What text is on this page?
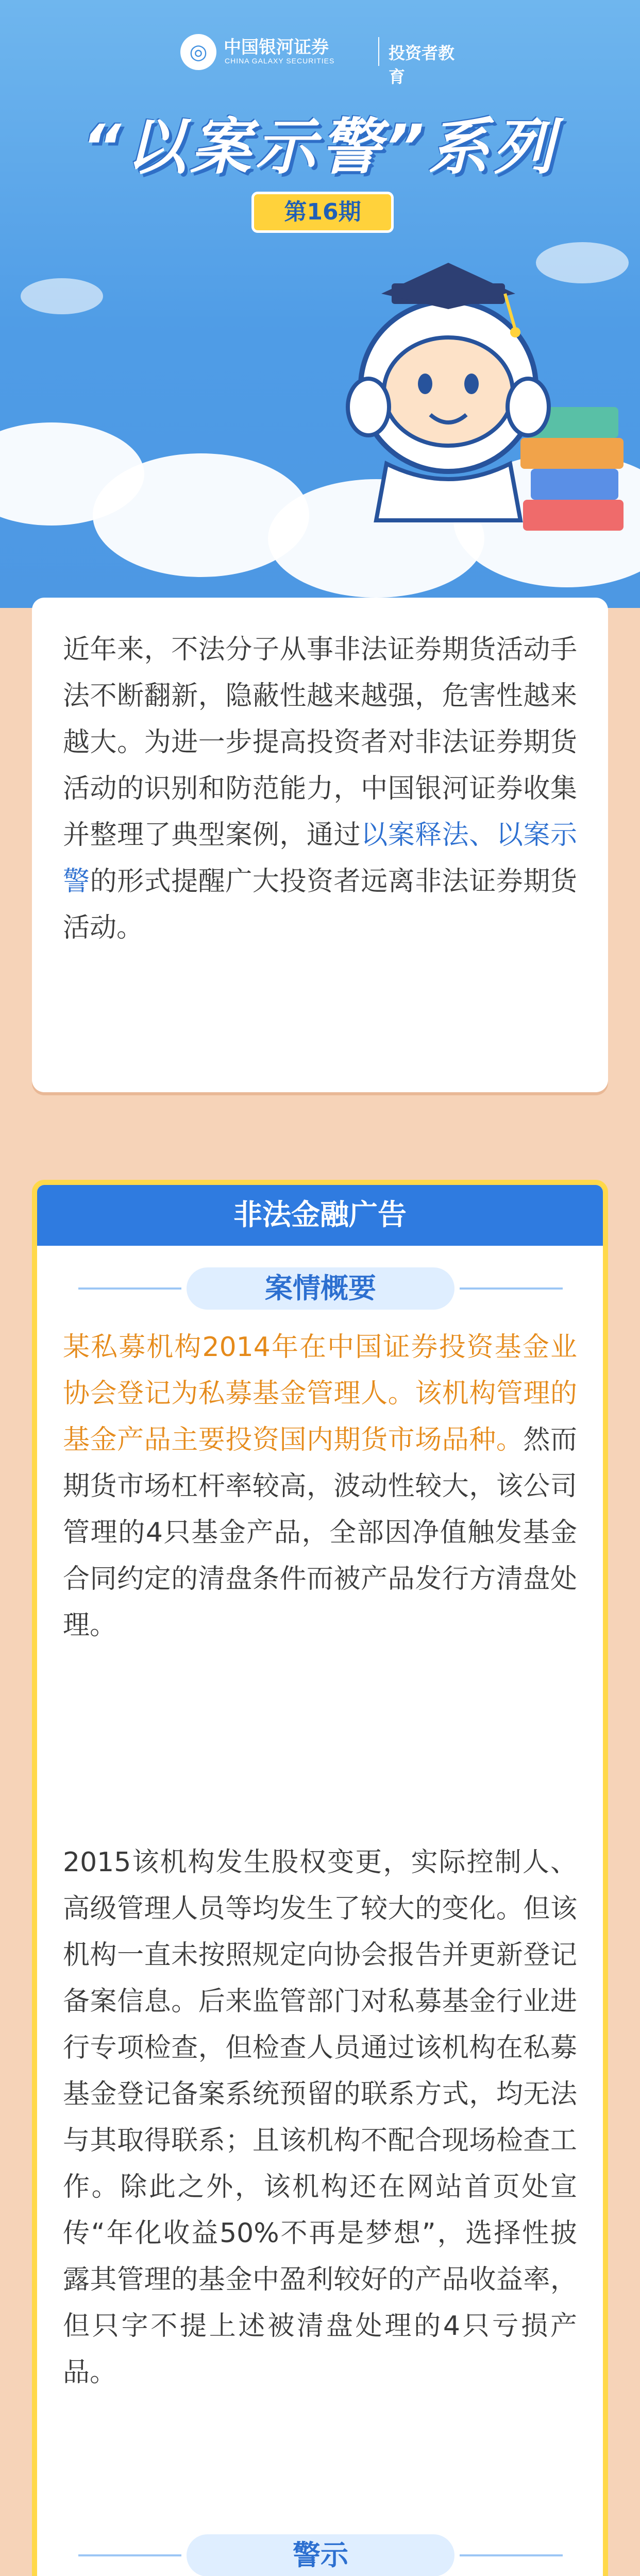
◎ 中国银河证券
CHINA GALAXY SECURITIES	投资者教育
“以案示警”系列
第16期

近年来，不法分子从事非法证券期货活动手法不断翻新，隐蔽性越来越强，危害性越来越大。为进一步提高投资者对非法证券期货活动的识别和防范能力，中国银河证券收集并整理了典型案例，通过以案释法、以案示警的形式提醒广大投资者远离非法证券期货活动。

非法金融广告
案情概要

某私募机构2014年在中国证券投资基金业协会登记为私募基金管理人。该机构管理的基金产品主要投资国内期货市场品种。然而期货市场杠杆率较高，波动性较大，该公司管理的4只基金产品，全部因净值触发基金合同约定的清盘条件而被产品发行方清盘处理。

2015该机构发生股权变更，实际控制人、高级管理人员等均发生了较大的变化。但该机构一直未按照规定向协会报告并更新登记备案信息。后来监管部门对私募基金行业进行专项检查，但检查人员通过该机构在私募基金登记备案系统预留的联系方式，均无法与其取得联系；且该机构不配合现场检查工作。除此之外，该机构还在网站首页处宣传“年化收益50%不再是梦想”，选择性披露其管理的基金中盈利较好的产品收益率，但只字不提上述被清盘处理的4只亏损产品。

警示
